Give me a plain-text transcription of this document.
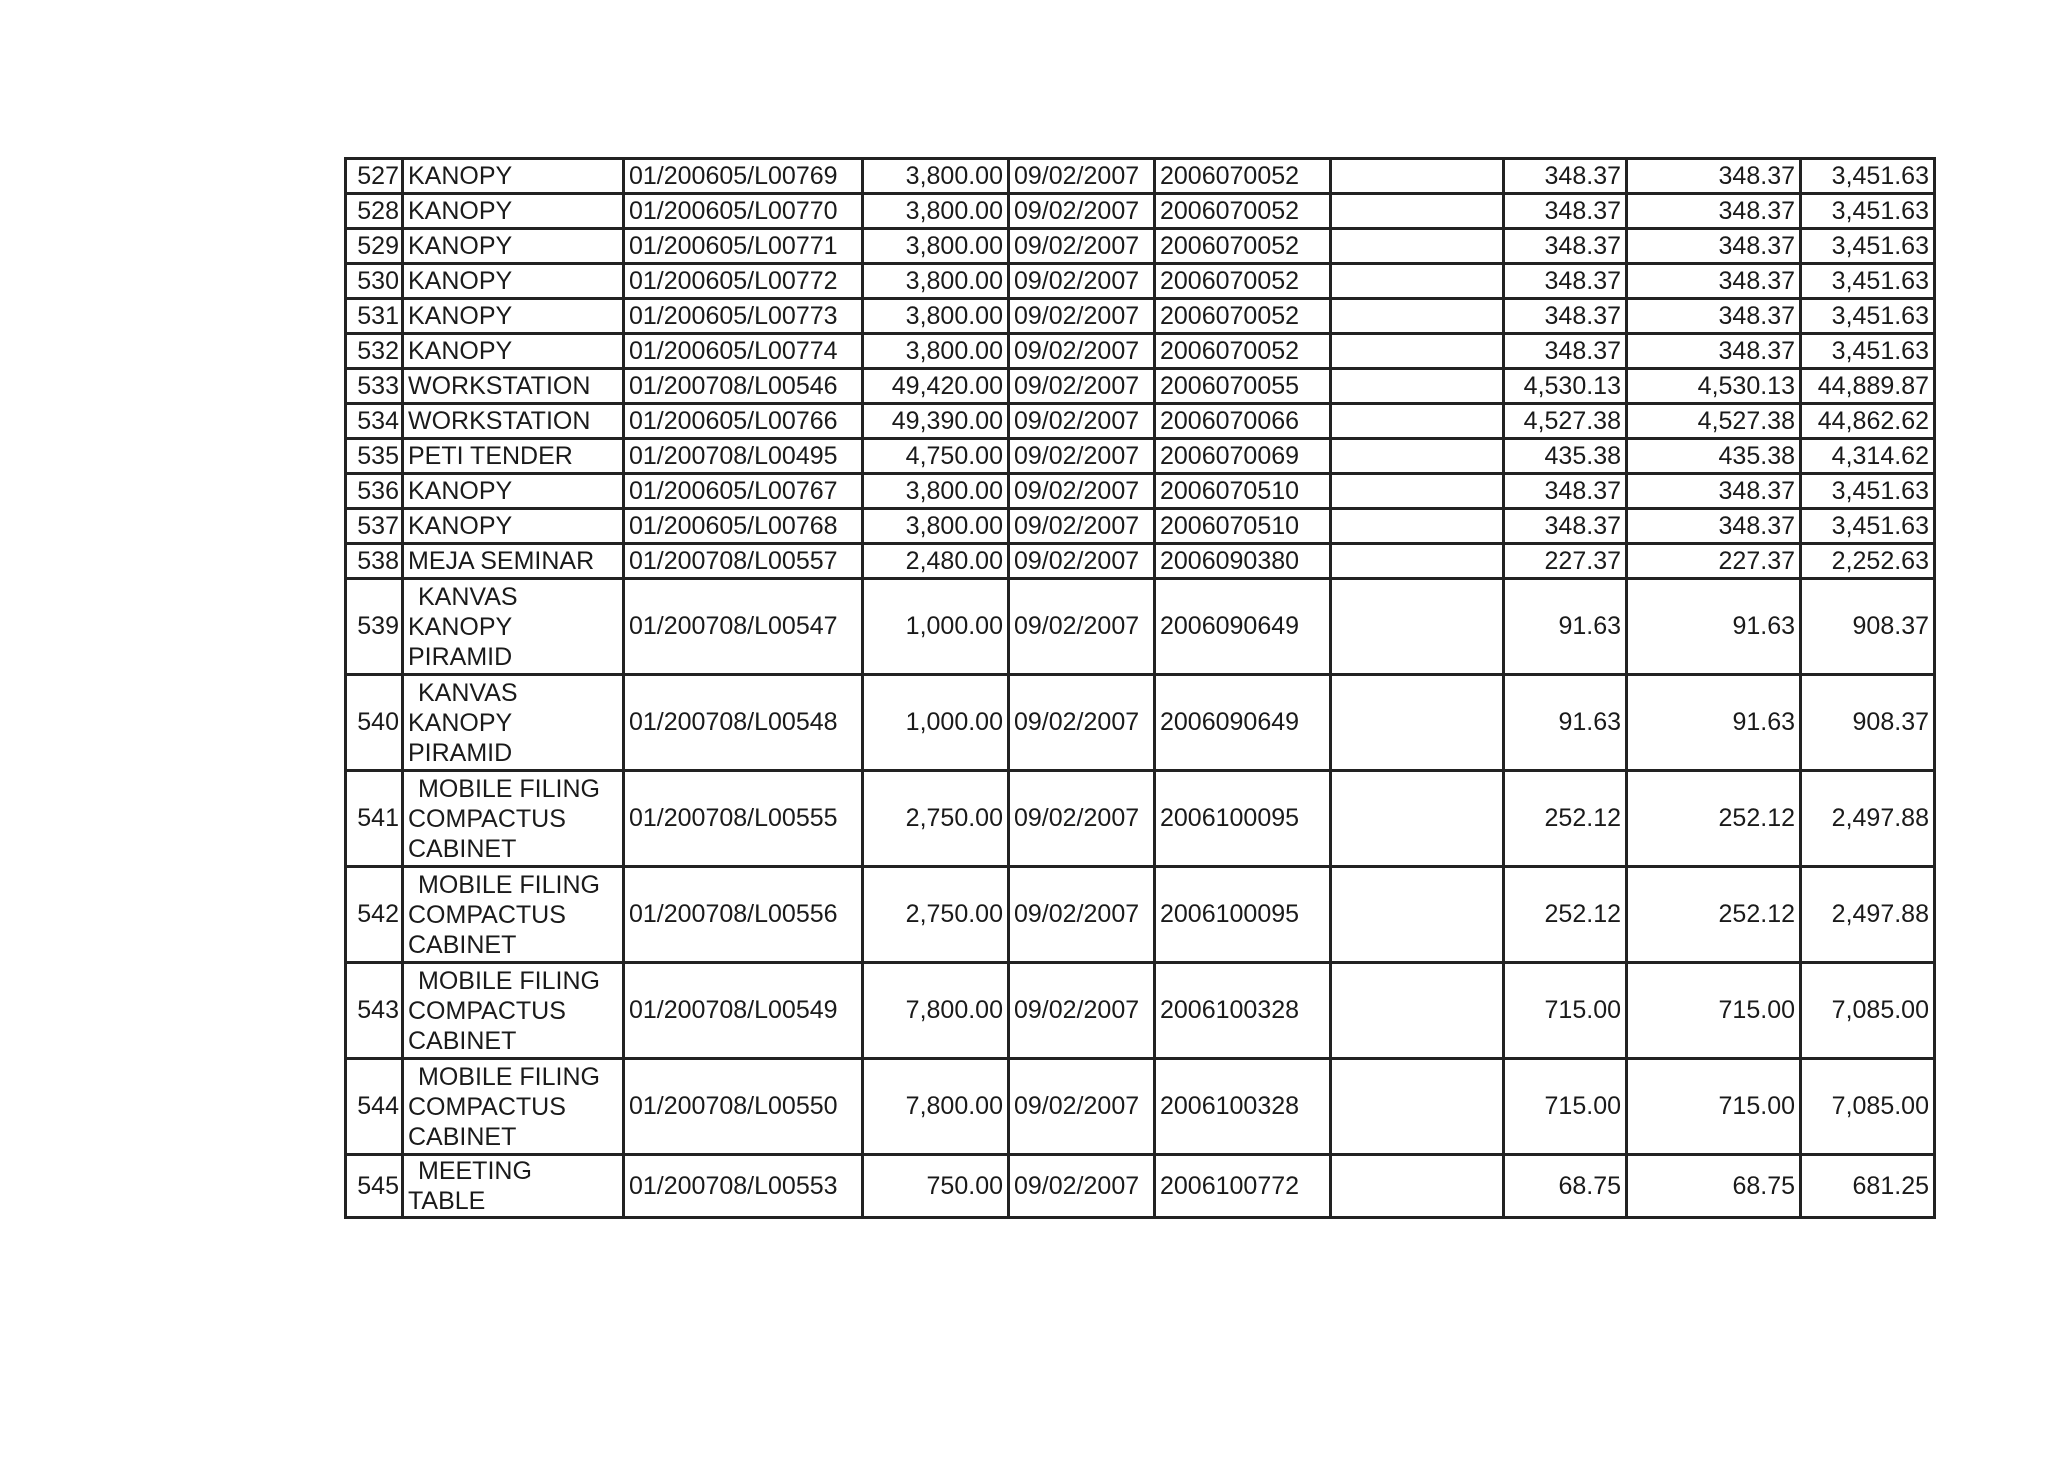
527	KANOPY	01/200605/L00769	3,800.00	09/02/2007	2006070052		348.37	348.37	3,451.63
528	KANOPY	01/200605/L00770	3,800.00	09/02/2007	2006070052		348.37	348.37	3,451.63
529	KANOPY	01/200605/L00771	3,800.00	09/02/2007	2006070052		348.37	348.37	3,451.63
530	KANOPY	01/200605/L00772	3,800.00	09/02/2007	2006070052		348.37	348.37	3,451.63
531	KANOPY	01/200605/L00773	3,800.00	09/02/2007	2006070052		348.37	348.37	3,451.63
532	KANOPY	01/200605/L00774	3,800.00	09/02/2007	2006070052		348.37	348.37	3,451.63
533	WORKSTATION	01/200708/L00546	49,420.00	09/02/2007	2006070055		4,530.13	4,530.13	44,889.87
534	WORKSTATION	01/200605/L00766	49,390.00	09/02/2007	2006070066		4,527.38	4,527.38	44,862.62
535	PETI TENDER	01/200708/L00495	4,750.00	09/02/2007	2006070069		435.38	435.38	4,314.62
536	KANOPY	01/200605/L00767	3,800.00	09/02/2007	2006070510		348.37	348.37	3,451.63
537	KANOPY	01/200605/L00768	3,800.00	09/02/2007	2006070510		348.37	348.37	3,451.63
538	MEJA SEMINAR	01/200708/L00557	2,480.00	09/02/2007	2006090380		227.37	227.37	2,252.63
539	KANVAS
KANOPY
PIRAMID	01/200708/L00547	1,000.00	09/02/2007	2006090649		91.63	91.63	908.37
540	KANVAS
KANOPY
PIRAMID	01/200708/L00548	1,000.00	09/02/2007	2006090649		91.63	91.63	908.37
541	MOBILE FILING
COMPACTUS
CABINET	01/200708/L00555	2,750.00	09/02/2007	2006100095		252.12	252.12	2,497.88
542	MOBILE FILING
COMPACTUS
CABINET	01/200708/L00556	2,750.00	09/02/2007	2006100095		252.12	252.12	2,497.88
543	MOBILE FILING
COMPACTUS
CABINET	01/200708/L00549	7,800.00	09/02/2007	2006100328		715.00	715.00	7,085.00
544	MOBILE FILING
COMPACTUS
CABINET	01/200708/L00550	7,800.00	09/02/2007	2006100328		715.00	715.00	7,085.00
545	MEETING
TABLE	01/200708/L00553	750.00	09/02/2007	2006100772		68.75	68.75	681.25
